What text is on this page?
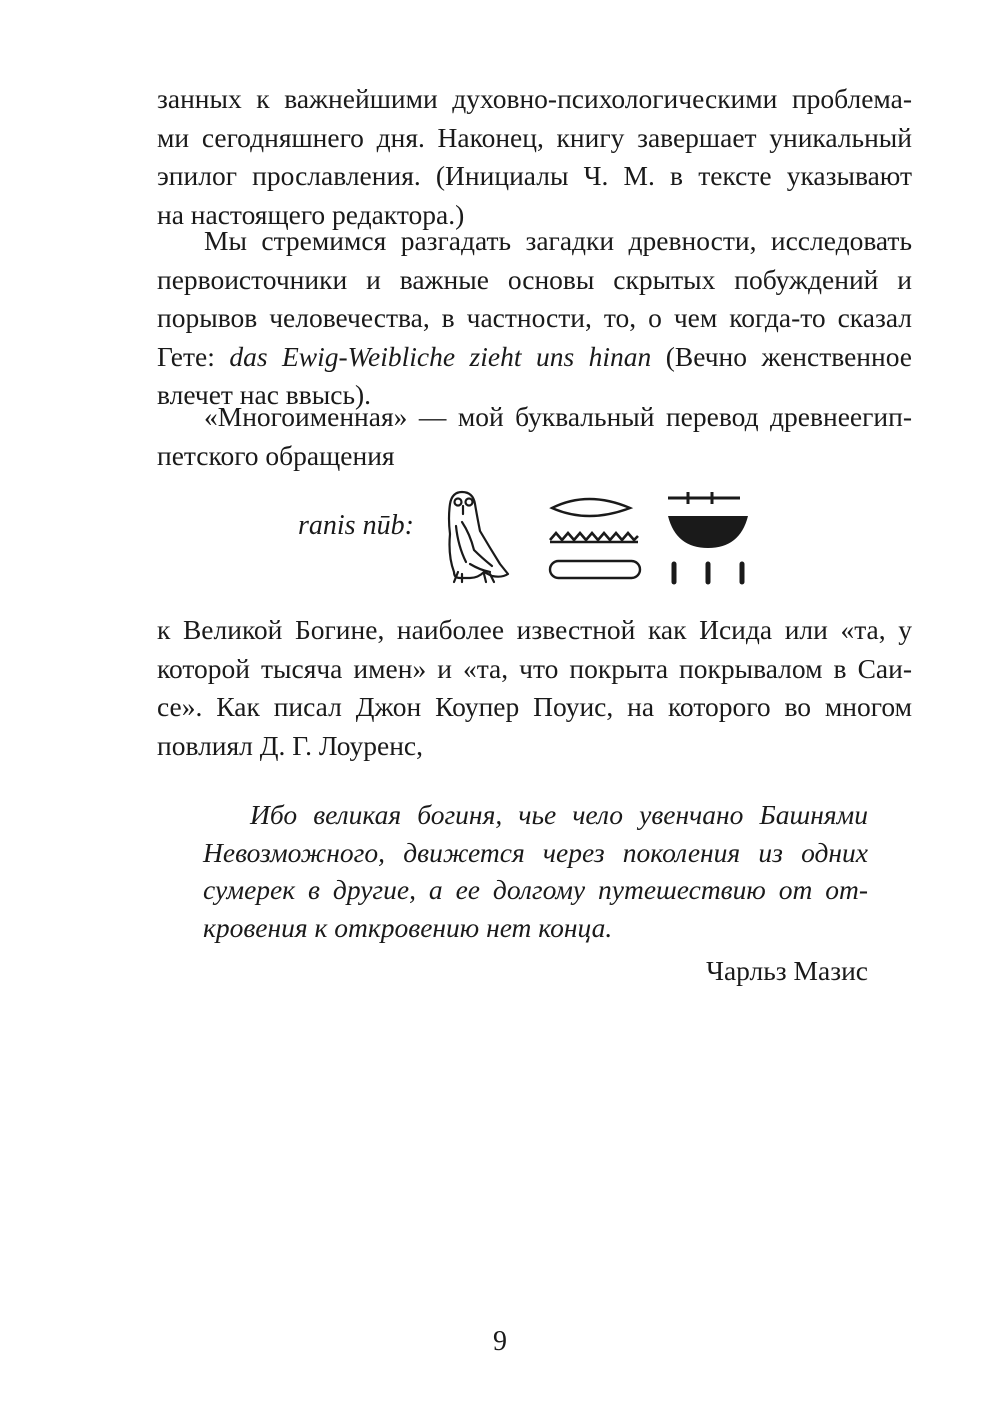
занных к важнейшими духовно-психологическими проблема-
ми сегодняшнего дня. Наконец, книгу завершает уникальный
эпилог прославления. (Инициалы Ч. М. в тексте указывают
на настоящего редактора.)
Мы стремимся разгадать загадки древности, исследовать
первоисточники и важные основы скрытых побуждений и
порывов человечества, в частности, то, о чем когда-то сказал
Гете: das Ewig-Weibliche zieht uns hinan (Вечно женственное
влечет нас ввысь).
«Многоименная» — мой буквальный перевод древнеегип-
петского обращения
ranis nūb:
к Великой Богине, наиболее известной как Исида или «та, у
которой тысяча имен» и «та, что покрыта покрывалом в Саи-
се». Как писал Джон Коупер Поуис, на которого во многом
повлиял Д. Г. Лоуренс,
Ибо великая богиня, чье чело увенчано Башнями
Невозможного, движется через поколения из одних
сумерек в другие, а ее долгому путешествию от от-
кровения к откровению нет конца.
Чарльз Мазис
9
